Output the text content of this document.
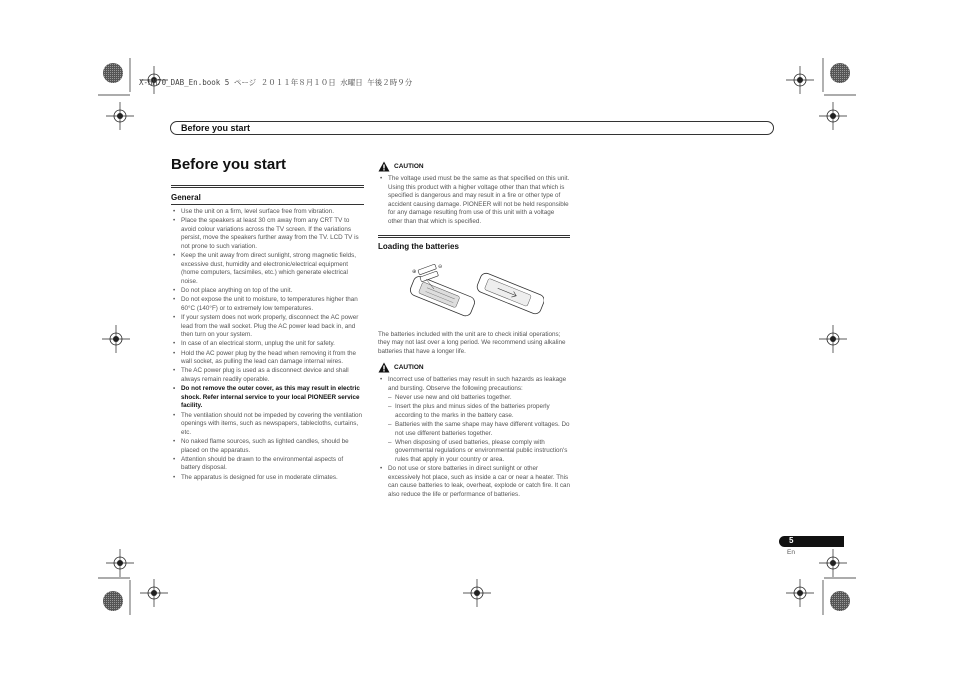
X-HM70_DAB_En.book 5 ページ ２０１１年８月１０日 水曜日 午後２時９分
Before you start
Before you start
General
• Use the unit on a firm, level surface free from vibration.
• Place the speakers at least 30 cm away from any CRT TV to avoid colour variations across the TV screen. If the variations persist, move the speakers further away from the TV. LCD TV is not prone to such variation.
• Keep the unit away from direct sunlight, strong magnetic fields, excessive dust, humidity and electronic/electrical equipment (home computers, facsimiles, etc.) which generate electrical noise.
• Do not place anything on top of the unit.
• Do not expose the unit to moisture, to temperatures higher than 60°C (140°F) or to extremely low temperatures.
• If your system does not work properly, disconnect the AC power lead from the wall socket. Plug the AC power lead back in, and then turn on your system.
• In case of an electrical storm, unplug the unit for safety.
• Hold the AC power plug by the head when removing it from the wall socket, as pulling the lead can damage internal wires.
• The AC power plug is used as a disconnect device and shall always remain readily operable.
• Do not remove the outer cover, as this may result in electric shock. Refer internal service to your local PIONEER service facility.
• The ventilation should not be impeded by covering the ventilation openings with items, such as newspapers, tablecloths, curtains, etc.
• No naked flame sources, such as lighted candles, should be placed on the apparatus.
• Attention should be drawn to the environmental aspects of battery disposal.
• The apparatus is designed for use in moderate climates.
CAUTION
• The voltage used must be the same as that specified on this unit. Using this product with a higher voltage other than that which is specified is dangerous and may result in a fire or other type of accident causing damage. PIONEER will not be held responsible for any damage resulting from use of this unit with a voltage other than that which is specified.
Loading the batteries
⊕
⊖
The batteries included with the unit are to check initial operations; they may not last over a long period. We recommend using alkaline batteries that have a longer life.
CAUTION
• Incorrect use of batteries may result in such hazards as leakage and bursting. Observe the following precautions:
– Never use new and old batteries together.
– Insert the plus and minus sides of the batteries properly according to the marks in the battery case.
– Batteries with the same shape may have different voltages. Do not use different batteries together.
– When disposing of used batteries, please comply with governmental regulations or environmental public instruction's rules that apply in your country or area.
• Do not use or store batteries in direct sunlight or other excessively hot place, such as inside a car or near a heater. This can cause batteries to leak, overheat, explode or catch fire. It can also reduce the life or performance of batteries.
5
En
